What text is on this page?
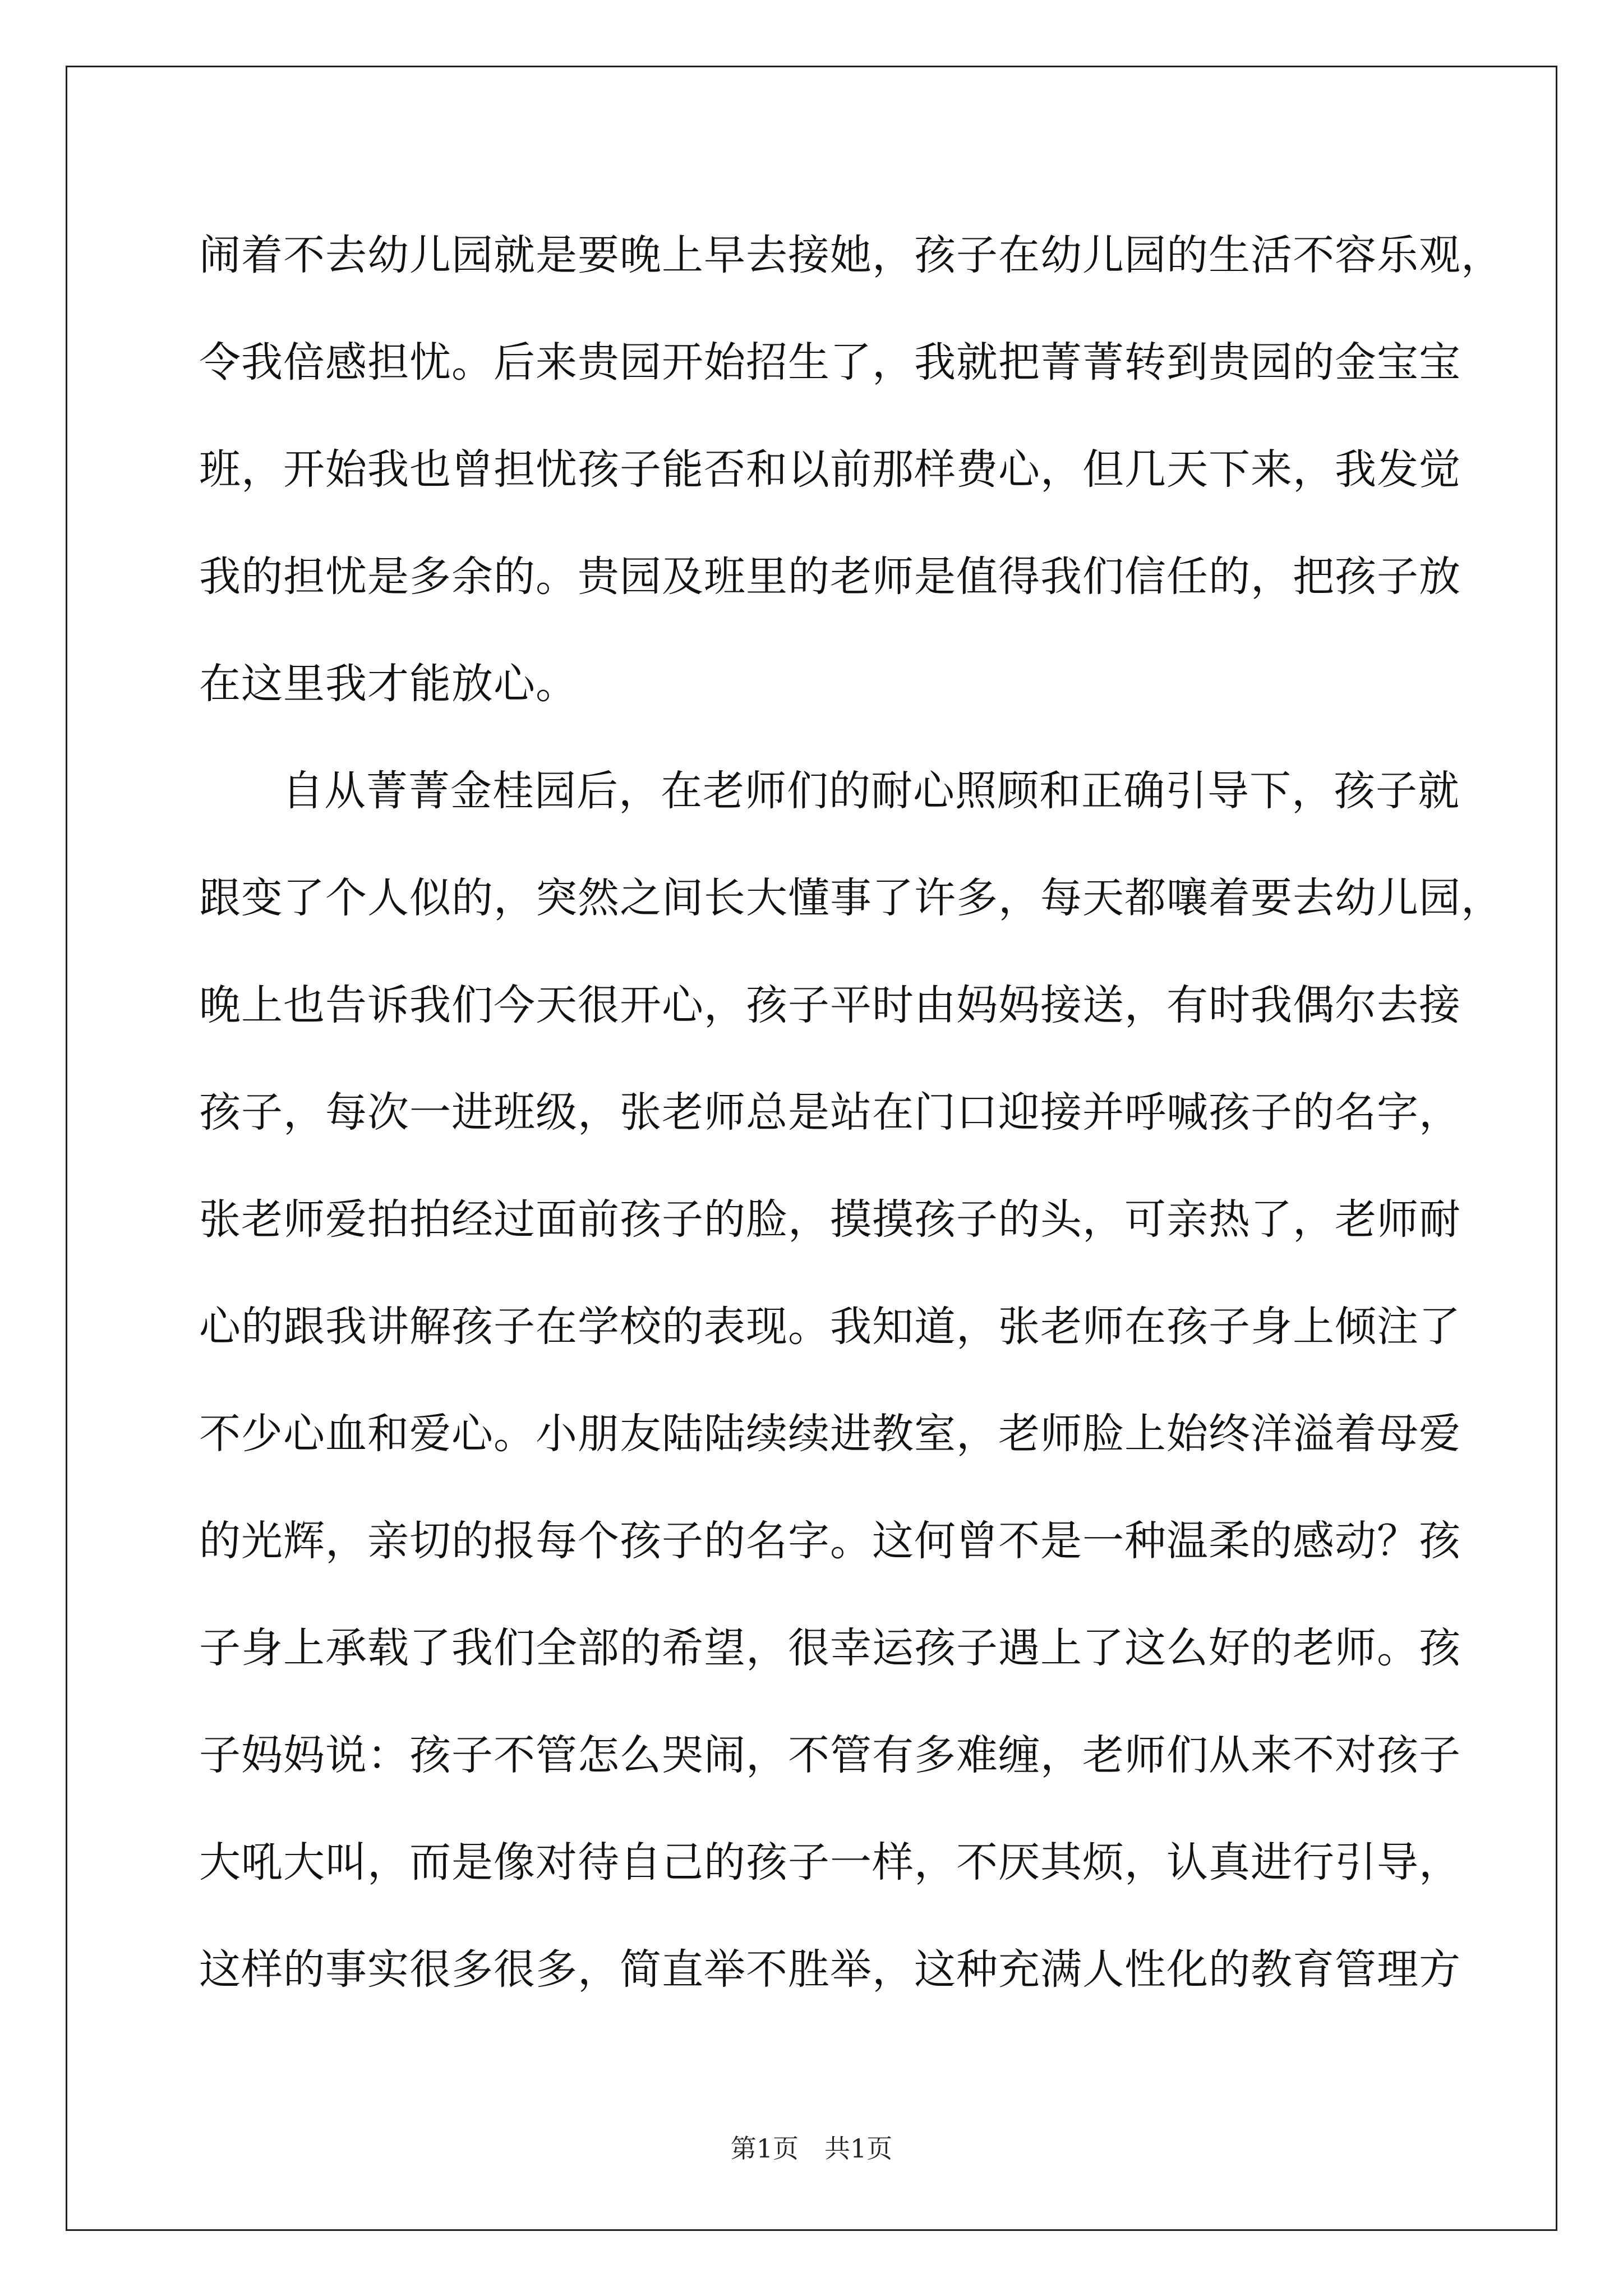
闹着不去幼儿园就是要晚上早去接她，孩子在幼儿园的生活不容乐观，
令我倍感担忧。后来贵园开始招生了，我就把菁菁转到贵园的金宝宝
班，开始我也曾担忧孩子能否和以前那样费心，但几天下来，我发觉
我的担忧是多余的。贵园及班里的老师是值得我们信任的，把孩子放
在这里我才能放心。
自从菁菁金桂园后，在老师们的耐心照顾和正确引导下，孩子就
跟变了个人似的，突然之间长大懂事了许多，每天都嚷着要去幼儿园，
晚上也告诉我们今天很开心，孩子平时由妈妈接送，有时我偶尔去接
孩子，每次一进班级，张老师总是站在门口迎接并呼喊孩子的名字，
张老师爱拍拍经过面前孩子的脸，摸摸孩子的头，可亲热了，老师耐
心的跟我讲解孩子在学校的表现。我知道，张老师在孩子身上倾注了
不少心血和爱心。小朋友陆陆续续进教室，老师脸上始终洋溢着母爱
的光辉，亲切的报每个孩子的名字。这何曾不是一种温柔的感动？孩
子身上承载了我们全部的希望，很幸运孩子遇上了这么好的老师。孩
子妈妈说：孩子不管怎么哭闹，不管有多难缠，老师们从来不对孩子
大吼大叫，而是像对待自己的孩子一样，不厌其烦，认真进行引导，
这样的事实很多很多，简直举不胜举，这种充满人性化的教育管理方
第1页　共1页
